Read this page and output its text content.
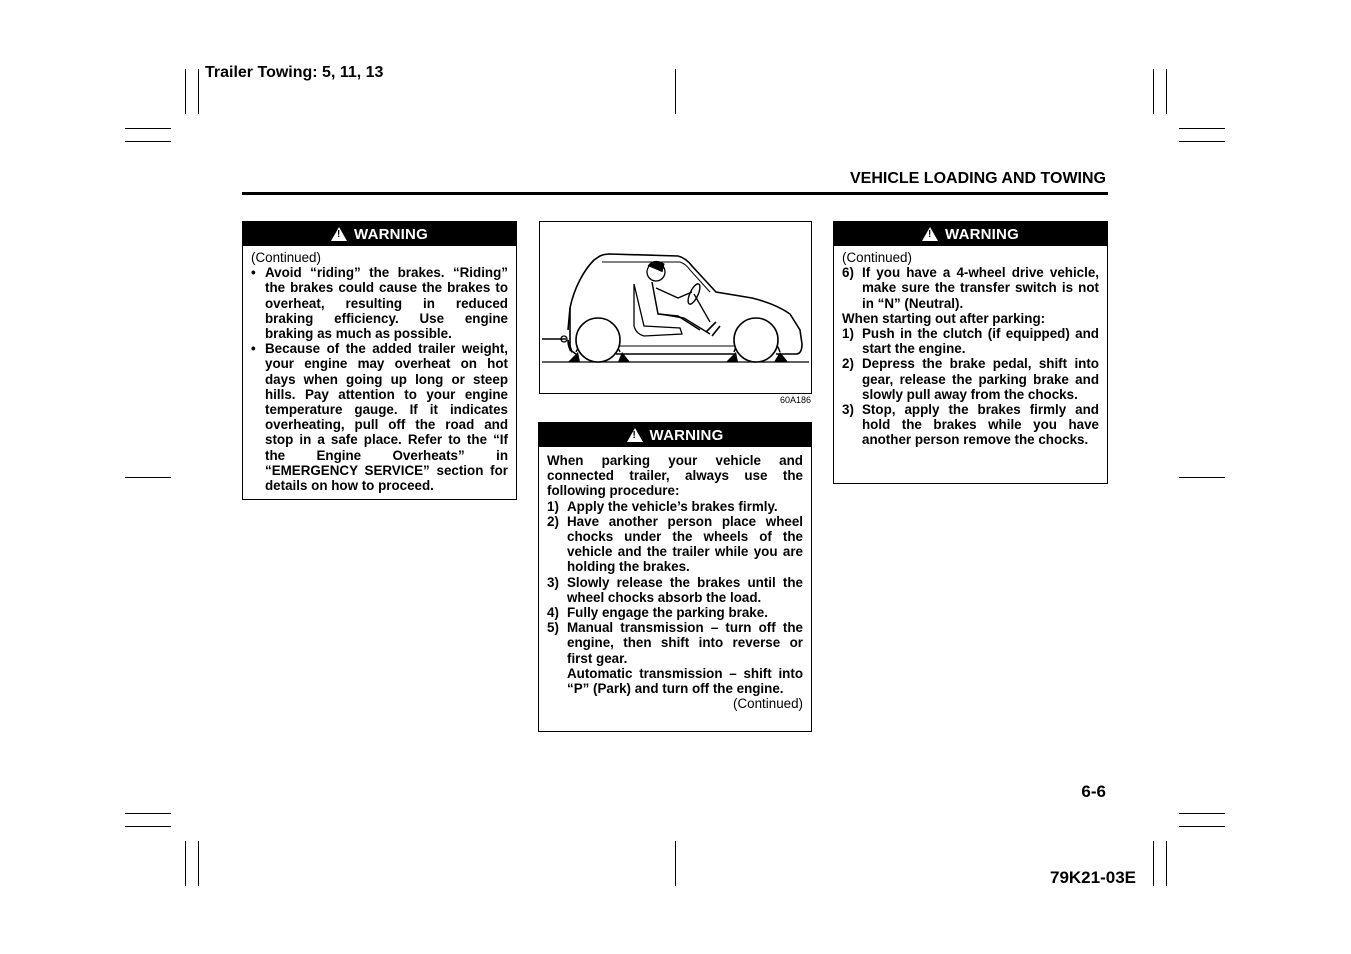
Trailer Towing: 5, 11, 13
VEHICLE LOADING AND TOWING
! WARNING
(Continued)
• Avoid “riding” the brakes. “Riding” the brakes could cause the brakes to overheat, resulting in reduced braking efficiency. Use engine braking as much as possible.
• Because of the added trailer weight, your engine may overheat on hot days when going up long or steep hills. Pay attention to your engine temperature gauge. If it indicates overheating, pull off the road and stop in a safe place. Refer to the “If the Engine Overheats” in “EMERGENCY SERVICE” section for details on how to proceed.
60A186
! WARNING
When parking your vehicle and connected trailer, always use the following procedure:
1) Apply the vehicle’s brakes firmly.
2) Have another person place wheel chocks under the wheels of the vehicle and the trailer while you are holding the brakes.
3) Slowly release the brakes until the wheel chocks absorb the load.
4) Fully engage the parking brake.
5) Manual transmission – turn off the engine, then shift into reverse or first gear.
Automatic transmission – shift into “P” (Park) and turn off the engine.
(Continued)
! WARNING
(Continued)
6) If you have a 4-wheel drive vehicle, make sure the transfer switch is not in “N” (Neutral).
When starting out after parking:
1) Push in the clutch (if equipped) and start the engine.
2) Depress the brake pedal, shift into gear, release the parking brake and slowly pull away from the chocks.
3) Stop, apply the brakes firmly and hold the brakes while you have another person remove the chocks.
6-6
79K21-03E
